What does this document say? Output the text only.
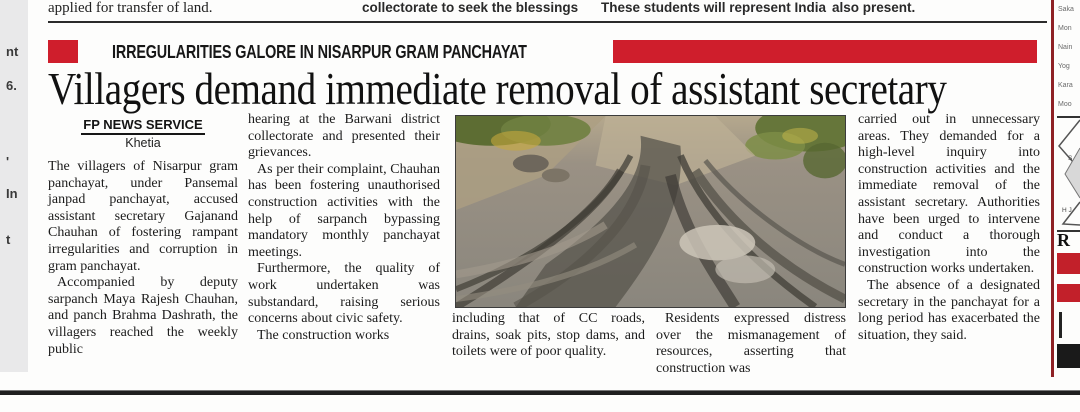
nt
6.
'
In
t
applied for transfer of land.	collectorate to seek the blessings These students will represent India also present.
IRREGULARITIES GALORE IN NISARPUR GRAM PANCHAYAT
Villagers demand immediate removal of assistant secretary
FP NEWS SERVICE
Khetia

The villagers of Nisarpur gram panchayat, under Pansemal janpad panchayat, accused assistant secretary Gajanand Chauhan of fostering rampant irregularities and corruption in gram panchayat.

Accompanied by deputy sarpanch Maya Rajesh Chauhan, and panch Brahma Dashrath, the villagers reached the weekly public

hearing at the Barwani district collectorate and presented their grievances.

As per their complaint, Chauhan has been fostering unauthorised construction activities with the help of sarpanch bypassing mandatory monthly panchayat meetings.

Furthermore, the quality of work undertaken was substandard, raising serious concerns about civic safety.

The construction works

including that of CC roads, drains, soak pits, stop dams, and toilets were of poor quality.

Residents expressed distress over the mismanagement of resources, asserting that construction was

carried out in unnecessary areas. They demanded for a high-level inquiry into construction activities and the immediate removal of the assistant secretary. Authorities have been urged to intervene and conduct a thorough investigation into the construction works undertaken.

The absence of a designated secretary in the panchayat for a long period has exacerbated the situation, they said.

Saka
Mon
Nain
Yog
Kara
Moo
S
H J
R
